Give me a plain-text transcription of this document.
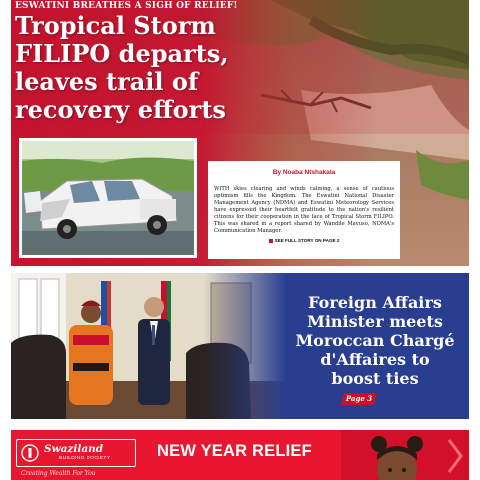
ESWATINI BREATHES A SIGH OF RELIEF!
Tropical Storm
FILIPO departs,
leaves trail of
recovery efforts
By Noaba Ntshakala

WITH skies clearing and winds calming, a sense of cautious optimism fills the Kingdom. The Eswatini National Disaster Management Agency (NDMA) and Eswatini Meteorology Services have expressed their heartfelt gratitude to the nation's resilient citizens for their cooperation in the face of Tropical Storm FILIPO. This was shared in a report shared by Wandile Mavuso, NDMA's Communication Manager.

SEE FULL STORY ON PAGE 2
Foreign Affairs
Minister meets
Moroccan Chargé
d'Affaires to
boost ties
Page 3
Swaziland
BUILDING SOCIETY
Creating Wealth For You
NEW YEAR RELIEF
